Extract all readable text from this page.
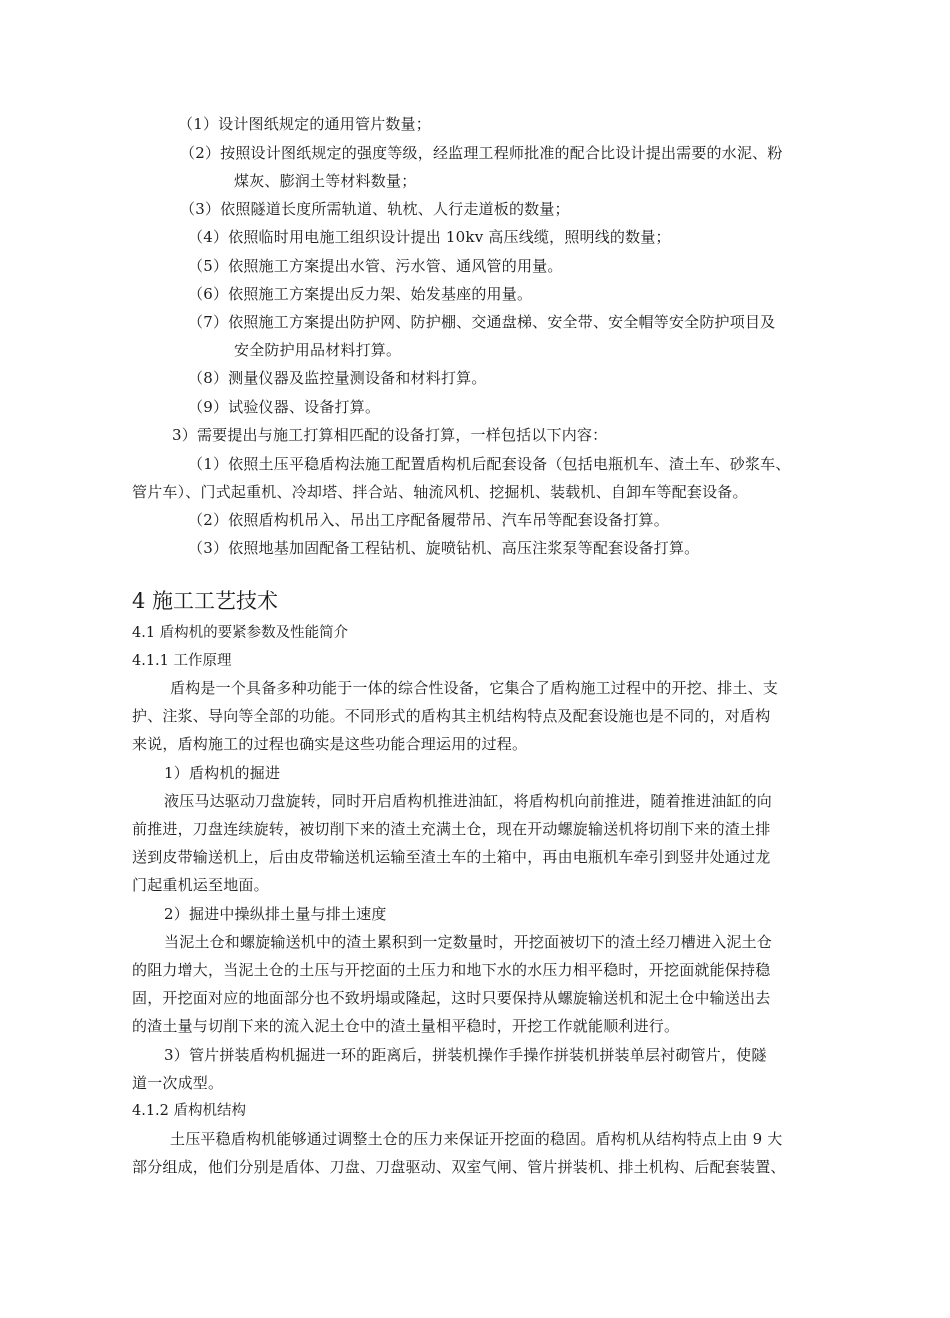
（1）设计图纸规定的通用管片数量；
（2）按照设计图纸规定的强度等级，经监理工程师批准的配合比设计提出需要的水泥、粉
煤灰、膨润土等材料数量；
（3）依照隧道长度所需轨道、轨枕、人行走道板的数量；
（4）依照临时用电施工组织设计提出 10kv 高压线缆，照明线的数量；
（5）依照施工方案提出水管、污水管、通风管的用量。
（6）依照施工方案提出反力架、始发基座的用量。
（7）依照施工方案提出防护网、防护棚、交通盘梯、安全带、安全帽等安全防护项目及
安全防护用品材料打算。
（8）测量仪器及监控量测设备和材料打算。
（9）试验仪器、设备打算。
3）需要提出与施工打算相匹配的设备打算，一样包括以下内容：
（1）依照土压平稳盾构法施工配置盾构机后配套设备（包括电瓶机车、渣土车、砂浆车、
管片车）、门式起重机、冷却塔、拌合站、轴流风机、挖掘机、装载机、自卸车等配套设备。
（2）依照盾构机吊入、吊出工序配备履带吊、汽车吊等配套设备打算。
（3）依照地基加固配备工程钻机、旋喷钻机、高压注浆泵等配套设备打算。
4 施工工艺技术
4.1 盾构机的要紧参数及性能简介
4.1.1 工作原理
盾构是一个具备多种功能于一体的综合性设备，它集合了盾构施工过程中的开挖、排土、支
护、注浆、导向等全部的功能。不同形式的盾构其主机结构特点及配套设施也是不同的，对盾构
来说，盾构施工的过程也确实是这些功能合理运用的过程。
1）盾构机的掘进
液压马达驱动刀盘旋转，同时开启盾构机推进油缸，将盾构机向前推进，随着推进油缸的向
前推进，刀盘连续旋转，被切削下来的渣土充满土仓，现在开动螺旋输送机将切削下来的渣土排
送到皮带输送机上，后由皮带输送机运输至渣土车的土箱中，再由电瓶机车牵引到竖井处通过龙
门起重机运至地面。
2）掘进中操纵排土量与排土速度
当泥土仓和螺旋输送机中的渣土累积到一定数量时，开挖面被切下的渣土经刀槽进入泥土仓
的阻力增大，当泥土仓的土压与开挖面的土压力和地下水的水压力相平稳时，开挖面就能保持稳
固，开挖面对应的地面部分也不致坍塌或隆起，这时只要保持从螺旋输送机和泥土仓中输送出去
的渣土量与切削下来的流入泥土仓中的渣土量相平稳时，开挖工作就能顺利进行。
3）管片拼装盾构机掘进一环的距离后，拼装机操作手操作拼装机拼装单层衬砌管片，使隧
道一次成型。
4.1.2 盾构机结构
土压平稳盾构机能够通过调整土仓的压力来保证开挖面的稳固。盾构机从结构特点上由 9 大
部分组成，他们分别是盾体、刀盘、刀盘驱动、双室气闸、管片拼装机、排土机构、后配套装置、
